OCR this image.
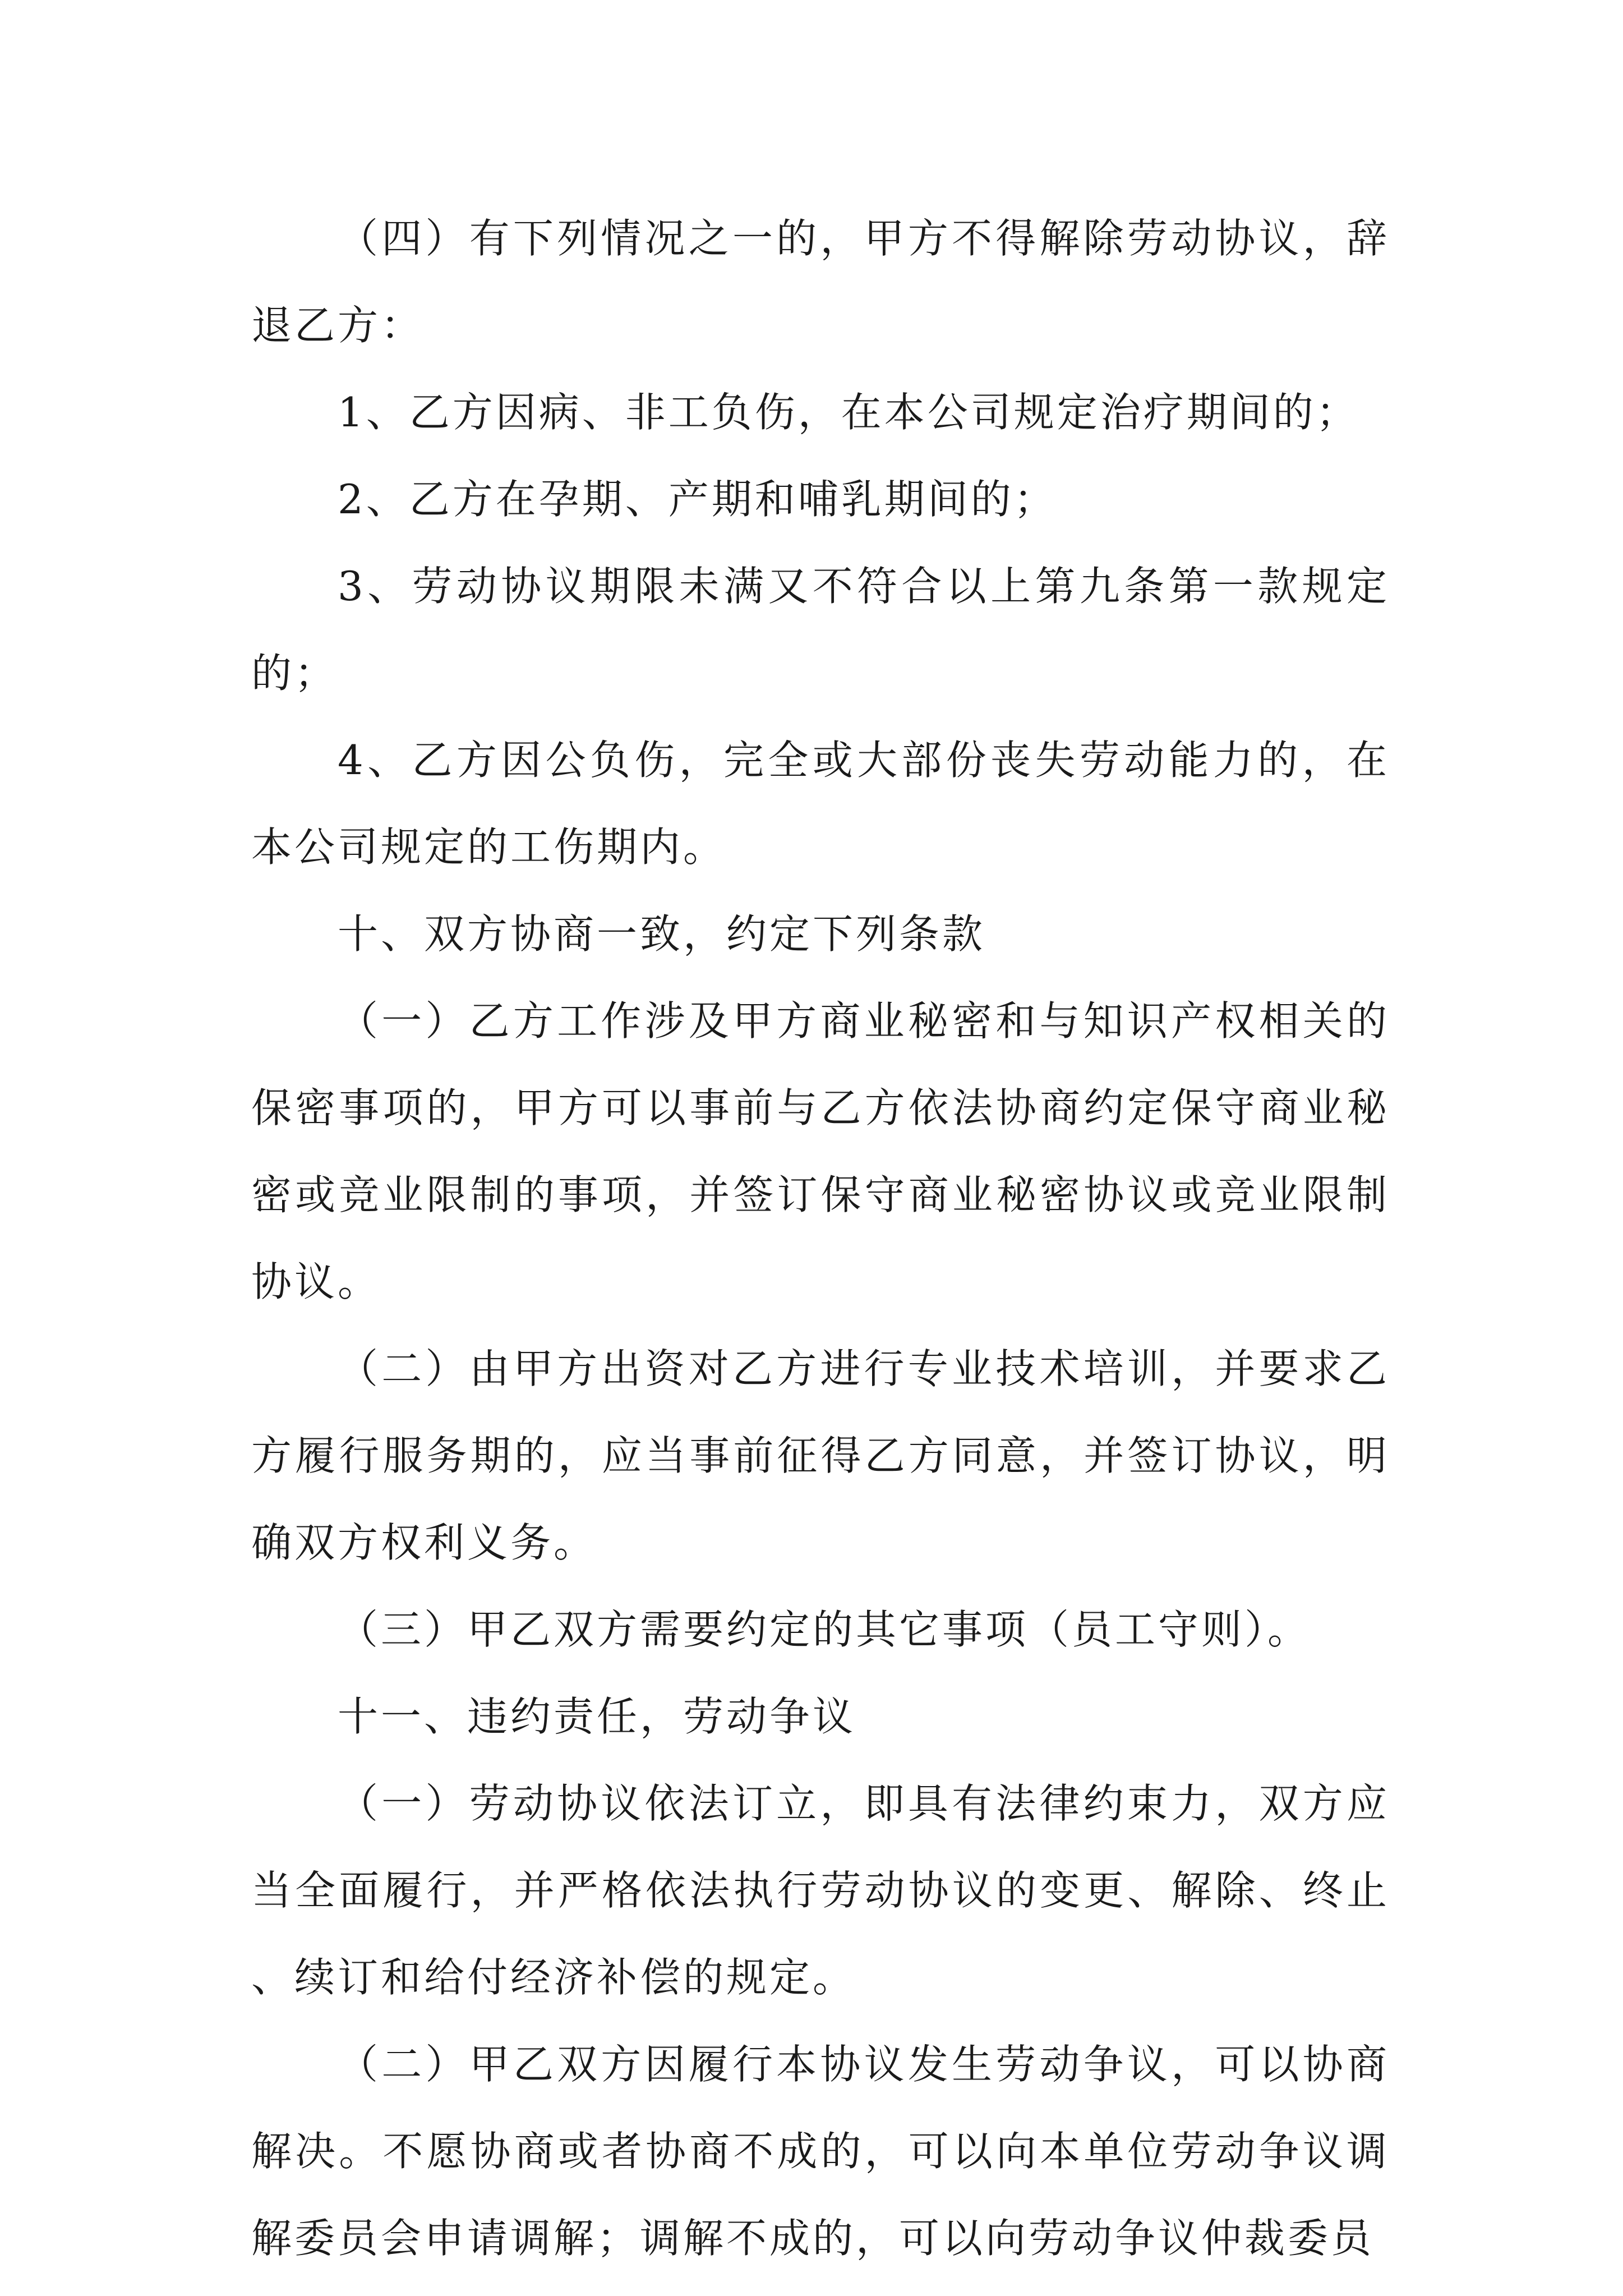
（四）有下列情况之一的，甲方不得解除劳动协议，辞退乙方：

1、乙方因病、非工负伤，在本公司规定治疗期间的；

2、乙方在孕期、产期和哺乳期间的；

3、劳动协议期限未满又不符合以上第九条第一款规定的；

4、乙方因公负伤，完全或大部份丧失劳动能力的，在本公司规定的工伤期内。

十、双方协商一致，约定下列条款

（一）乙方工作涉及甲方商业秘密和与知识产权相关的保密事项的，甲方可以事前与乙方依法协商约定保守商业秘密或竞业限制的事项，并签订保守商业秘密协议或竞业限制协议。

（二）由甲方出资对乙方进行专业技术培训，并要求乙方履行服务期的，应当事前征得乙方同意，并签订协议，明确双方权利义务。

（三）甲乙双方需要约定的其它事项（员工守则）。

十一、违约责任，劳动争议

（一）劳动协议依法订立，即具有法律约束力，双方应当全面履行，并严格依法执行劳动协议的变更、解除、终止、续订和给付经济补偿的规定。

（二）甲乙双方因履行本协议发生劳动争议，可以协商解决。不愿协商或者协商不成的，可以向本单位劳动争议调解委员会申请调解；调解不成的，可以向劳动争议仲裁委员
